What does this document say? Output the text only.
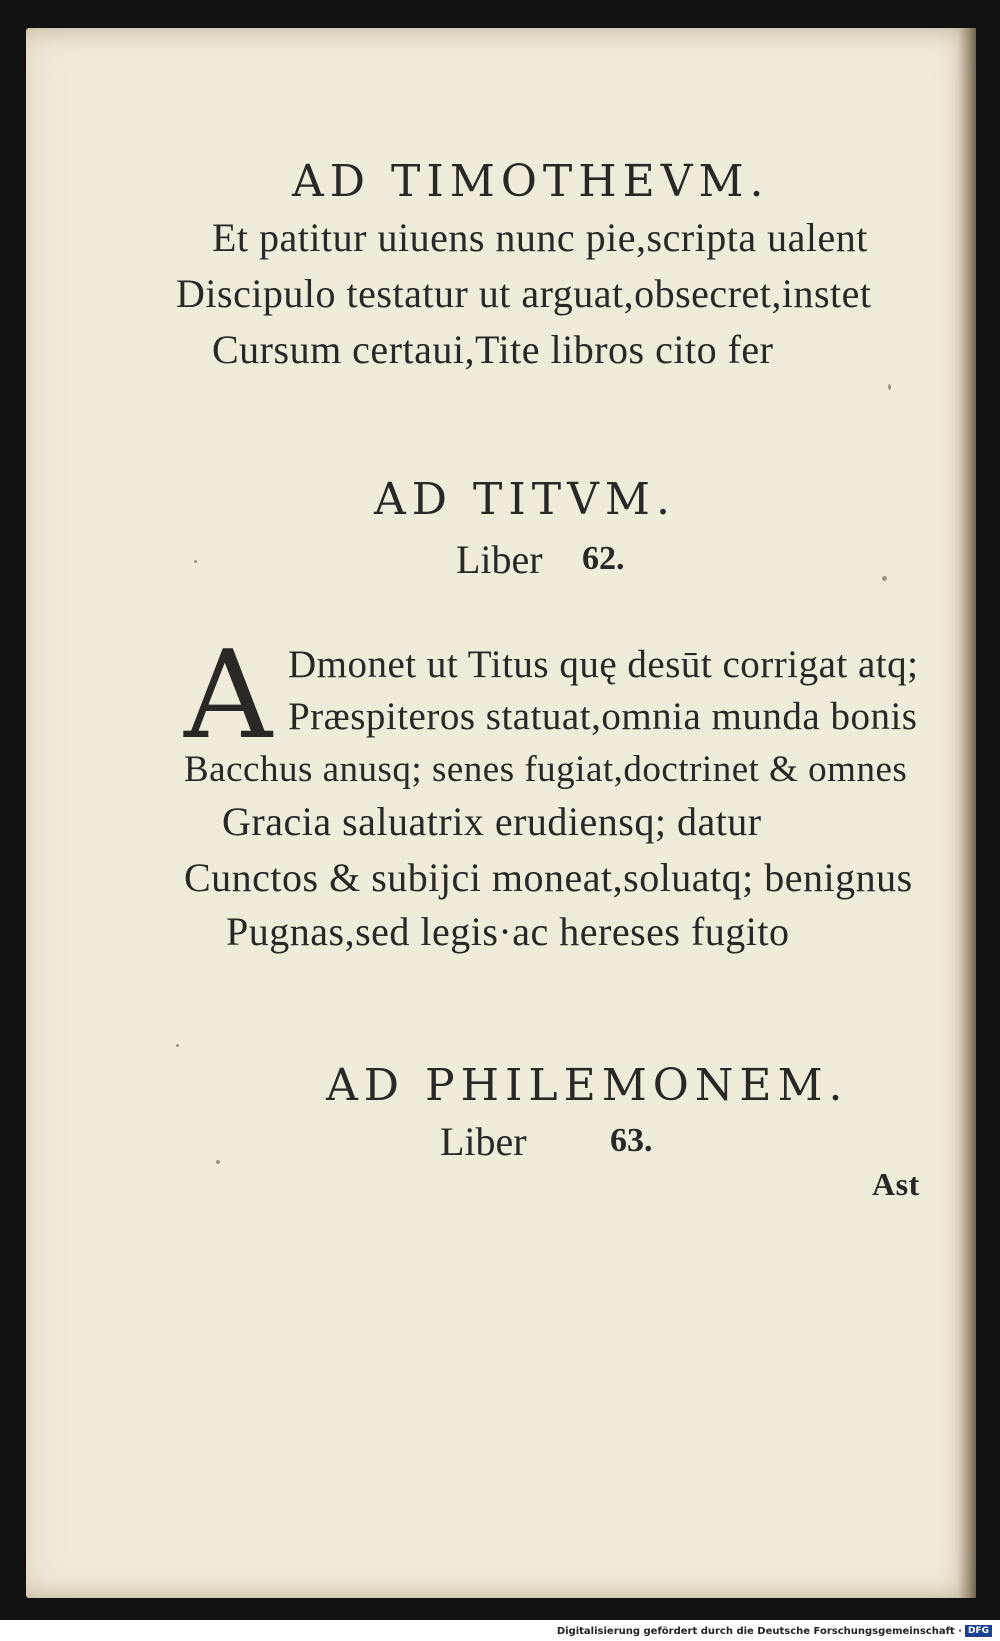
AD TIMOTHEVM.
Et patitur uiuens nunc pie,scripta ualent
Discipulo testatur ut arguat,obsecret,instet
Cursum certaui,Tite libros cito fer
AD TITVM.
Liber 62.
A Dmonet ut Titus quę desūt corrigat atq;
Præspiteros statuat,omnia munda bonis
Bacchus anusq; senes fugiat,doctrinet & omnes
Gracia saluatrix erudiensq; datur
Cunctos & subijci moneat,soluatq; benignus
Pugnas,sed legis·ac hereses fugito
AD PHILEMONEM.
Liber 63.
Ast
Digitalisierung gefördert durch die Deutsche Forschungsgemeinschaft · DFG
